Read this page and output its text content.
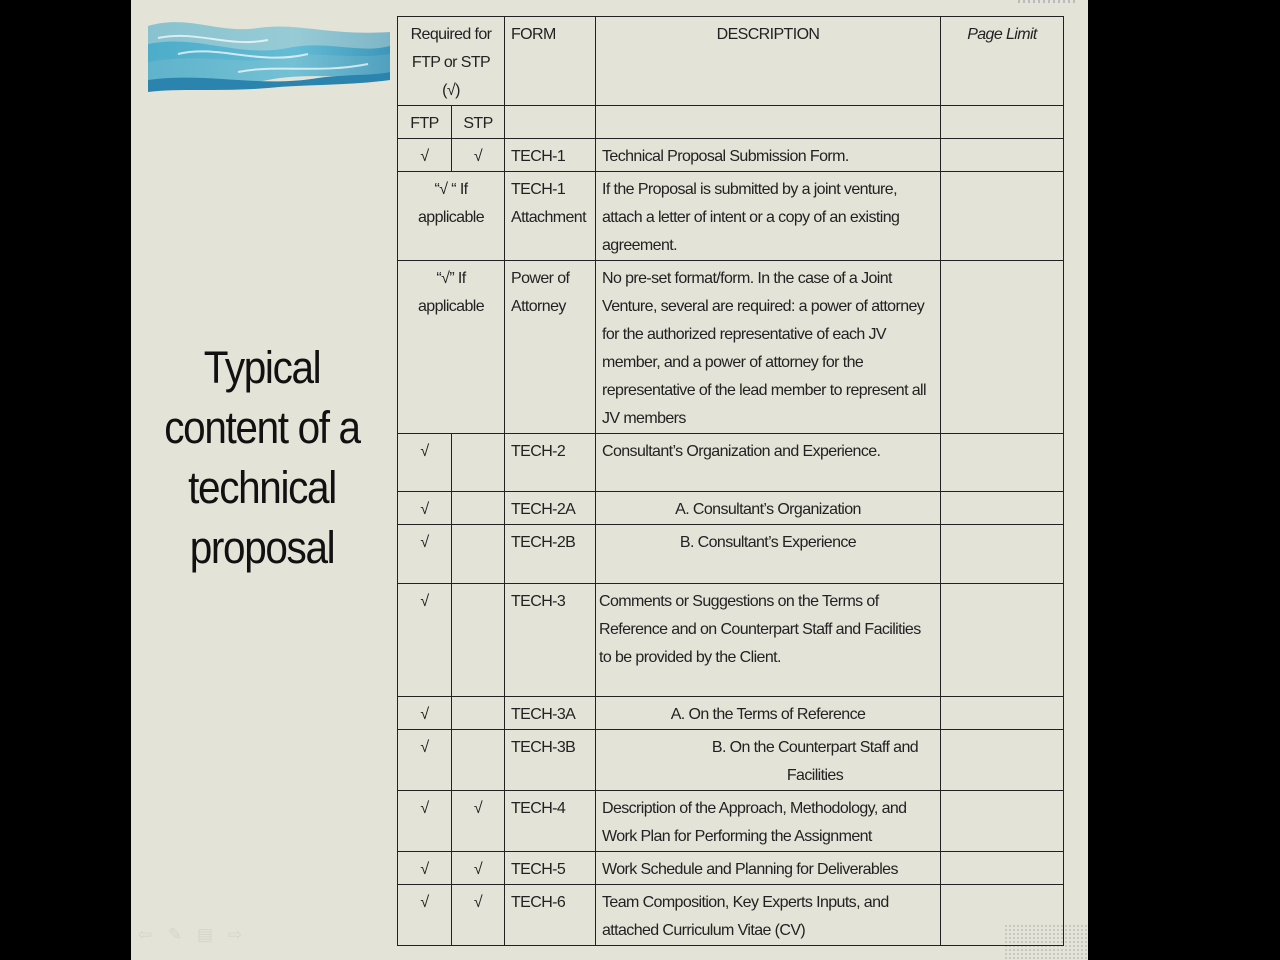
Typical
content of a
technical
proposal
⇦ ✎ ▤ ⇨
Required for FTP or STP (√)		FORM	DESCRIPTION	Page Limit
FTP	STP			
√	√	TECH-1	Technical Proposal Submission Form.	
“√ “ If applicable		TECH-1 Attachment	If the Proposal is submitted by a joint venture, attach a letter of intent or a copy of an existing agreement.	
“√” If applicable		Power of Attorney	No pre-set format/form. In the case of a Joint Venture, several are required: a power of attorney for the authorized representative of each JV member, and a power of attorney for the representative of the lead member to represent all JV members	
√		TECH-2	Consultant’s Organization and Experience.	
√		TECH-2A	A. Consultant’s Organization	
√		TECH-2B	B. Consultant’s Experience	
√		TECH-3	Comments or Suggestions on the Terms of Reference and on Counterpart Staff and Facilities to be provided by the Client.	
√		TECH-3A	A. On the Terms of Reference	
√		TECH-3B	B. On the Counterpart Staff and Facilities	
√	√	TECH-4	Description of the Approach, Methodology, and Work Plan for Performing the Assignment	
√	√	TECH-5	Work Schedule and Planning for Deliverables	
√	√	TECH-6	Team Composition, Key Experts Inputs, and attached Curriculum Vitae (CV)	
